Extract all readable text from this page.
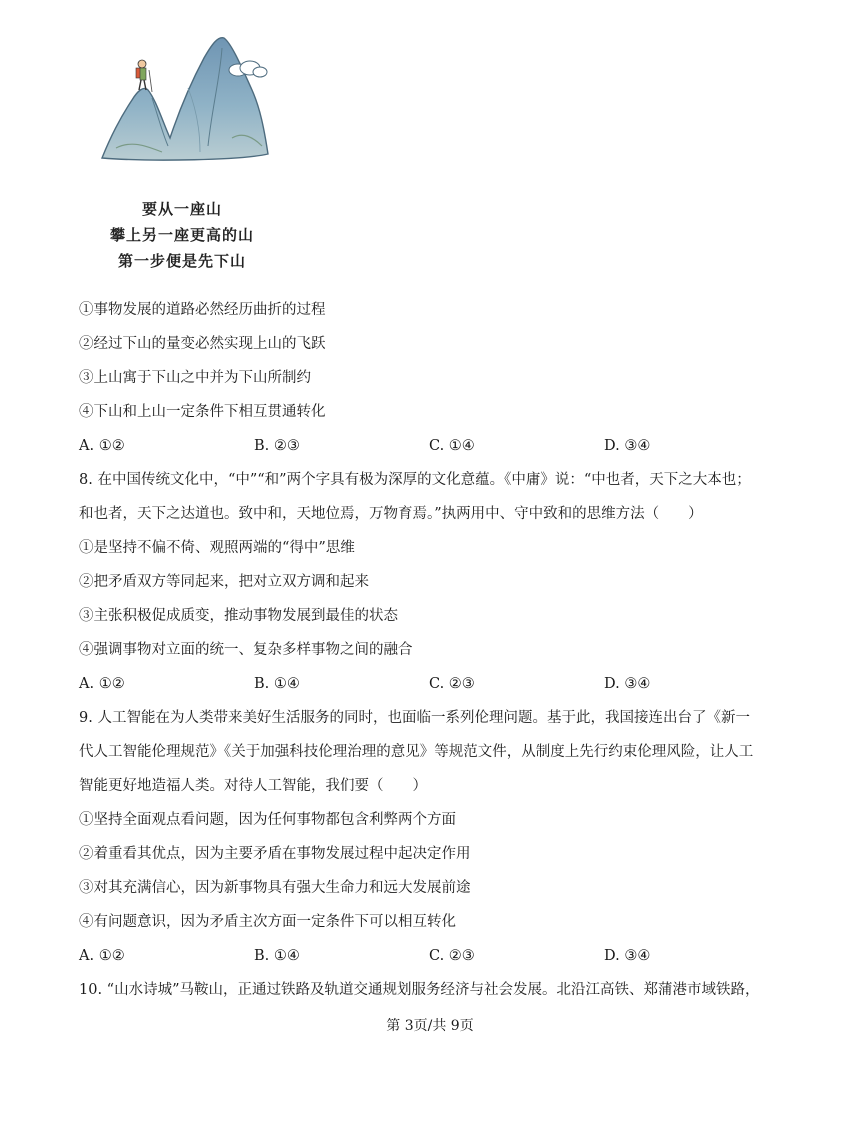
要从一座山
攀上另一座更高的山
第一步便是先下山
①事物发展的道路必然经历曲折的过程
②经过下山的量变必然实现上山的飞跃
③上山寓于下山之中并为下山所制约
④下山和上山一定条件下相互贯通转化
A. ①②	B. ②③	C. ①④	D. ③④
8. 在中国传统文化中，“中”“和”两个字具有极为深厚的文化意蕴。《中庸》说：“中也者，天下之大本也；
和也者，天下之达道也。致中和，天地位焉，万物育焉。”执两用中、守中致和的思维方法（　　）
①是坚持不偏不倚、观照两端的“得中”思维
②把矛盾双方等同起来，把对立双方调和起来
③主张积极促成质变，推动事物发展到最佳的状态
④强调事物对立面的统一、复杂多样事物之间的融合
A. ①②	B. ①④	C. ②③	D. ③④
9. 人工智能在为人类带来美好生活服务的同时，也面临一系列伦理问题。基于此，我国接连出台了《新一
代人工智能伦理规范》《关于加强科技伦理治理的意见》等规范文件，从制度上先行约束伦理风险，让人工
智能更好地造福人类。对待人工智能，我们要（　　）
①坚持全面观点看问题，因为任何事物都包含利弊两个方面
②着重看其优点，因为主要矛盾在事物发展过程中起决定作用
③对其充满信心，因为新事物具有强大生命力和远大发展前途
④有问题意识，因为矛盾主次方面一定条件下可以相互转化
A. ①②	B. ①④	C. ②③	D. ③④
10. “山水诗城”马鞍山，正通过铁路及轨道交通规划服务经济与社会发展。北沿江高铁、郑蒲港市域铁路，
第 3页/共 9页
